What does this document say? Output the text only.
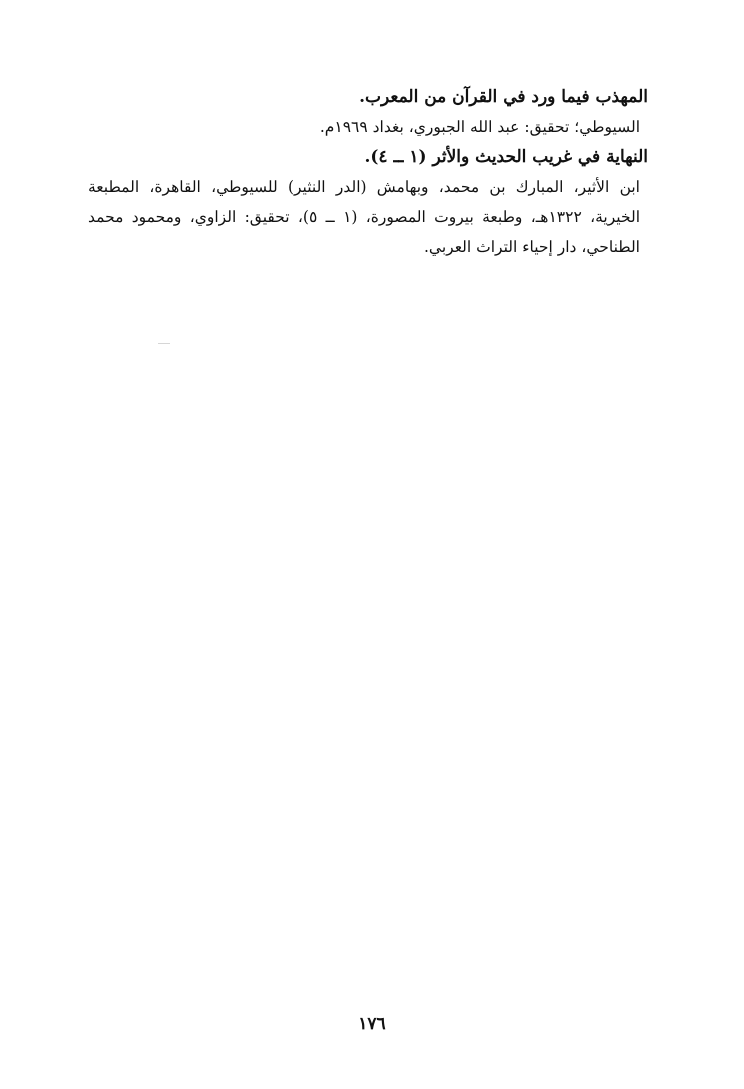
المهذب فيما ورد في القرآن من المعرب.
السيوطي؛ تحقيق: عبد الله الجبوري، بغداد ١٩٦٩م.
النهاية في غريب الحديث والأثر (١ ــ ٤).
ابن الأثير، المبارك بن محمد، وبهامش (الدر النثير) للسيوطي، القاهرة، المطبعة الخيرية، ١٣٢٢هـ، وطبعة بيروت المصورة، (١ ــ ٥)، تحقيق: الزاوي، ومحمود محمد الطناحي، دار إحياء التراث العربي.
١٧٦
